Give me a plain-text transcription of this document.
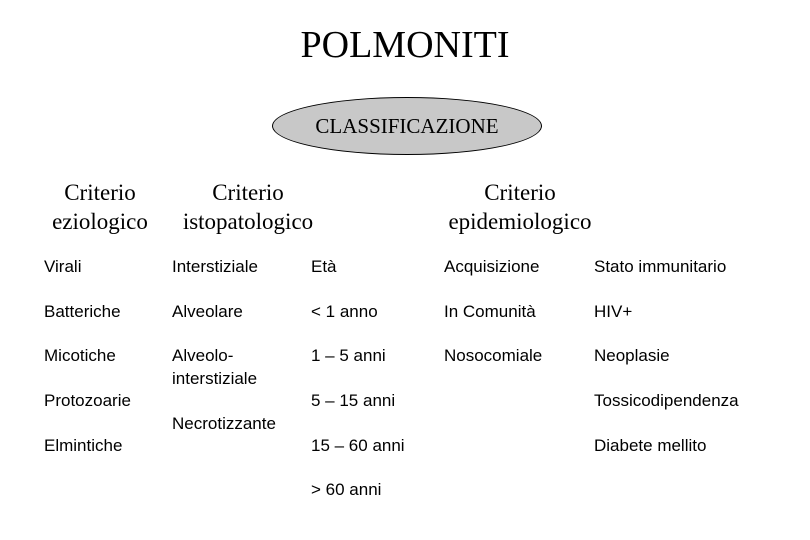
POLMONITI
CLASSIFICAZIONE
Criterio
eziologico
Criterio
istopatologico
Criterio
epidemiologico
Virali
Batteriche
Micotiche
Protozoarie
Elmintiche
Interstiziale
Alveolare
Alveolo-
interstiziale
Necrotizzante
Età
< 1 anno
1 – 5 anni
5 – 15 anni
15 – 60 anni
> 60 anni
Acquisizione
In Comunità
Nosocomiale
Stato immunitario
HIV+
Neoplasie
Tossicodipendenza
Diabete mellito
